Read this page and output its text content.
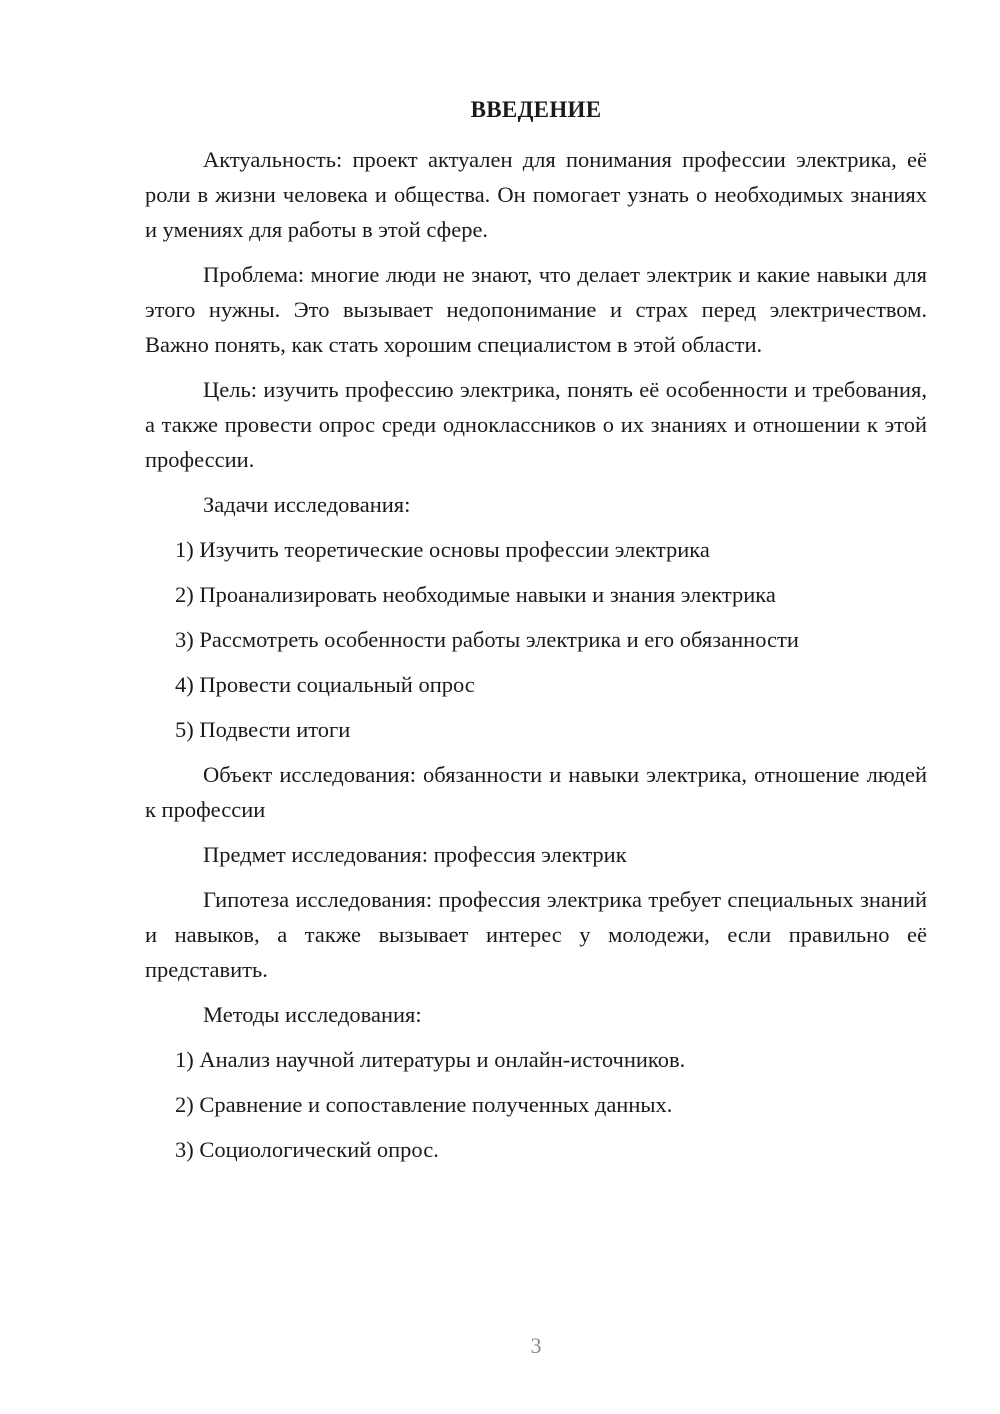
ВВЕДЕНИЕ

Актуальность: проект актуален для понимания профессии электрика, её роли в жизни человека и общества. Он помогает узнать о необходимых знаниях и умениях для работы в этой сфере.

Проблема: многие люди не знают, что делает электрик и какие навыки для этого нужны. Это вызывает недопонимание и страх перед электричеством. Важно понять, как стать хорошим специалистом в этой области.

Цель: изучить профессию электрика, понять её особенности и требования, а также провести опрос среди одноклассников о их знаниях и отношении к этой профессии.

Задачи исследования:

1) Изучить теоретические основы профессии электрика
2) Проанализировать необходимые навыки и знания электрика
3) Рассмотреть особенности работы электрика и его обязанности
4) Провести социальный опрос
5) Подвести итоги

Объект исследования: обязанности и навыки электрика, отношение людей к профессии

Предмет исследования: профессия электрик

Гипотеза исследования: профессия электрика требует специальных знаний и навыков, а также вызывает интерес у молодежи, если правильно её представить.

Методы исследования:

1) Анализ научной литературы и онлайн-источников.
2) Сравнение и сопоставление полученных данных.
3) Социологический опрос.
3
